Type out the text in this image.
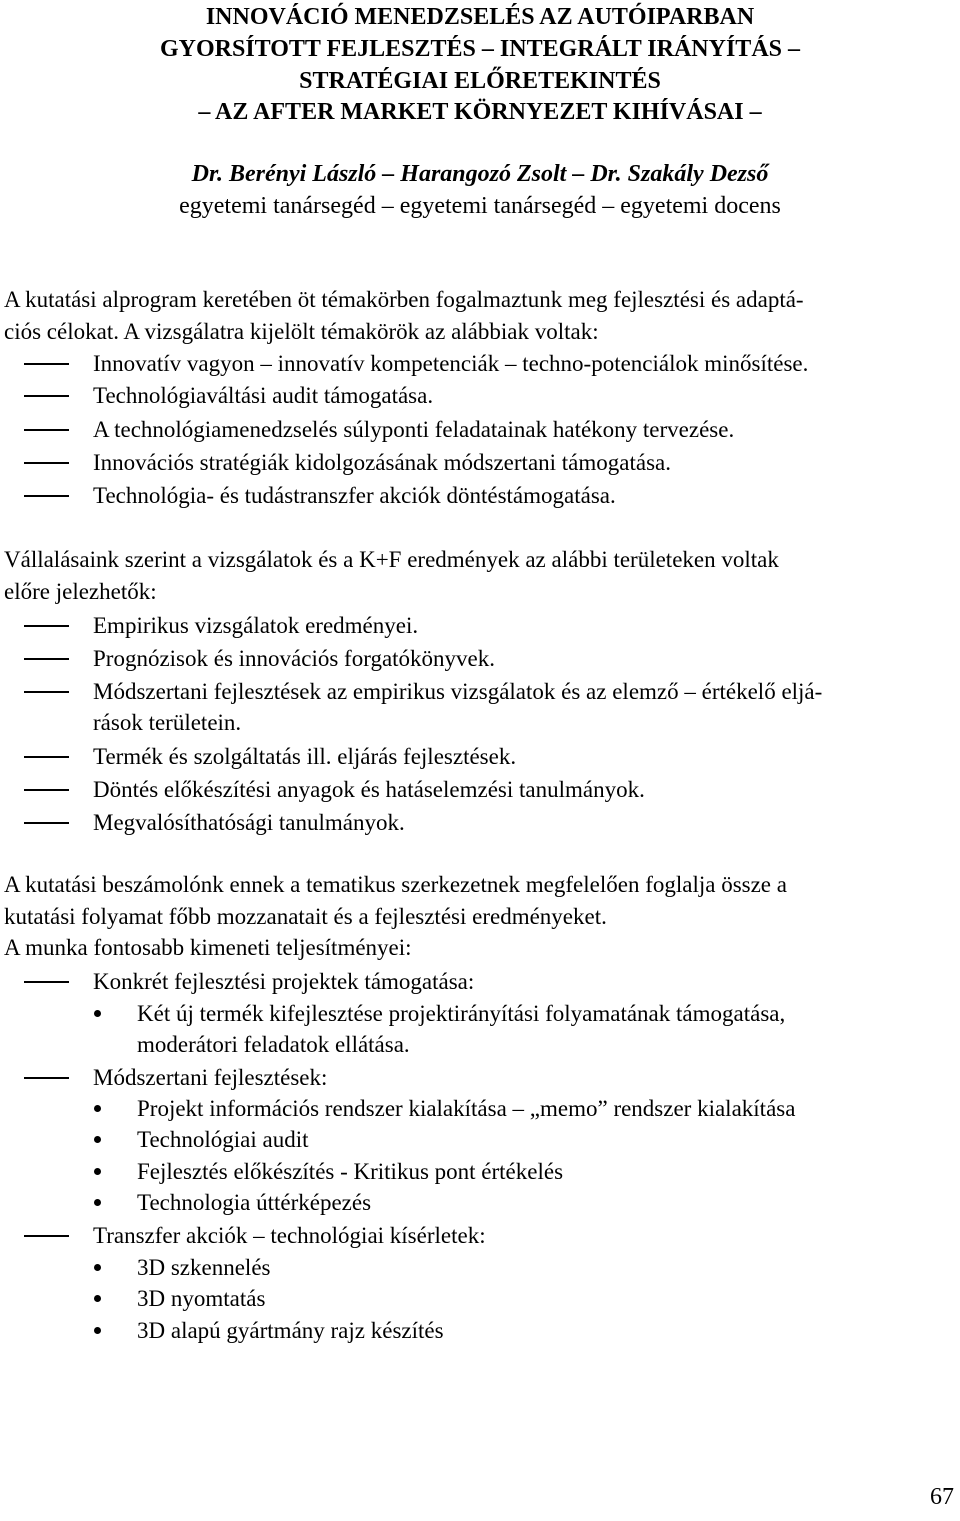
INNOVÁCIÓ MENEDZSELÉS AZ AUTÓIPARBAN
GYORSÍTOTT FEJLESZTÉS – INTEGRÁLT IRÁNYÍTÁS –
STRATÉGIAI ELŐRETEKINTÉS
– AZ AFTER MARKET KÖRNYEZET KIHÍVÁSAI –
Dr. Berényi László – Harangozó Zsolt – Dr. Szakály Dezső
egyetemi tanársegéd – egyetemi tanársegéd – egyetemi docens
A kutatási alprogram keretében öt témakörben fogalmaztunk meg fejlesztési és adaptá-
ciós célokat. A vizsgálatra kijelölt témakörök az alábbiak voltak:
Innovatív vagyon – innovatív kompetenciák – techno-potenciálok minősítése.
Technológiaváltási audit támogatása.
A technológiamenedzselés súlyponti feladatainak hatékony tervezése.
Innovációs stratégiák kidolgozásának módszertani támogatása.
Technológia- és tudástranszfer akciók döntéstámogatása.
Vállalásaink szerint a vizsgálatok és a K+F eredmények az alábbi területeken voltak
előre jelezhetők:
Empirikus vizsgálatok eredményei.
Prognózisok és innovációs forgatókönyvek.
Módszertani fejlesztések az empirikus vizsgálatok és az elemző – értékelő eljá-
rások területein.
Termék és szolgáltatás ill. eljárás fejlesztések.
Döntés előkészítési anyagok és hatáselemzési tanulmányok.
Megvalósíthatósági tanulmányok.
A kutatási beszámolónk ennek a tematikus szerkezetnek megfelelően foglalja össze a
kutatási folyamat főbb mozzanatait és a fejlesztési eredményeket.
A munka fontosabb kimeneti teljesítményei:
Konkrét fejlesztési projektek támogatása:
Két új termék kifejlesztése projektirányítási folyamatának támogatása,
moderátori feladatok ellátása.
Módszertani fejlesztések:
Projekt információs rendszer kialakítása – „memo” rendszer kialakítása
Technológiai audit
Fejlesztés előkészítés - Kritikus pont értékelés
Technologia úttérképezés
Transzfer akciók – technológiai kísérletek:
3D szkennelés
3D nyomtatás
3D alapú gyártmány rajz készítés
67
